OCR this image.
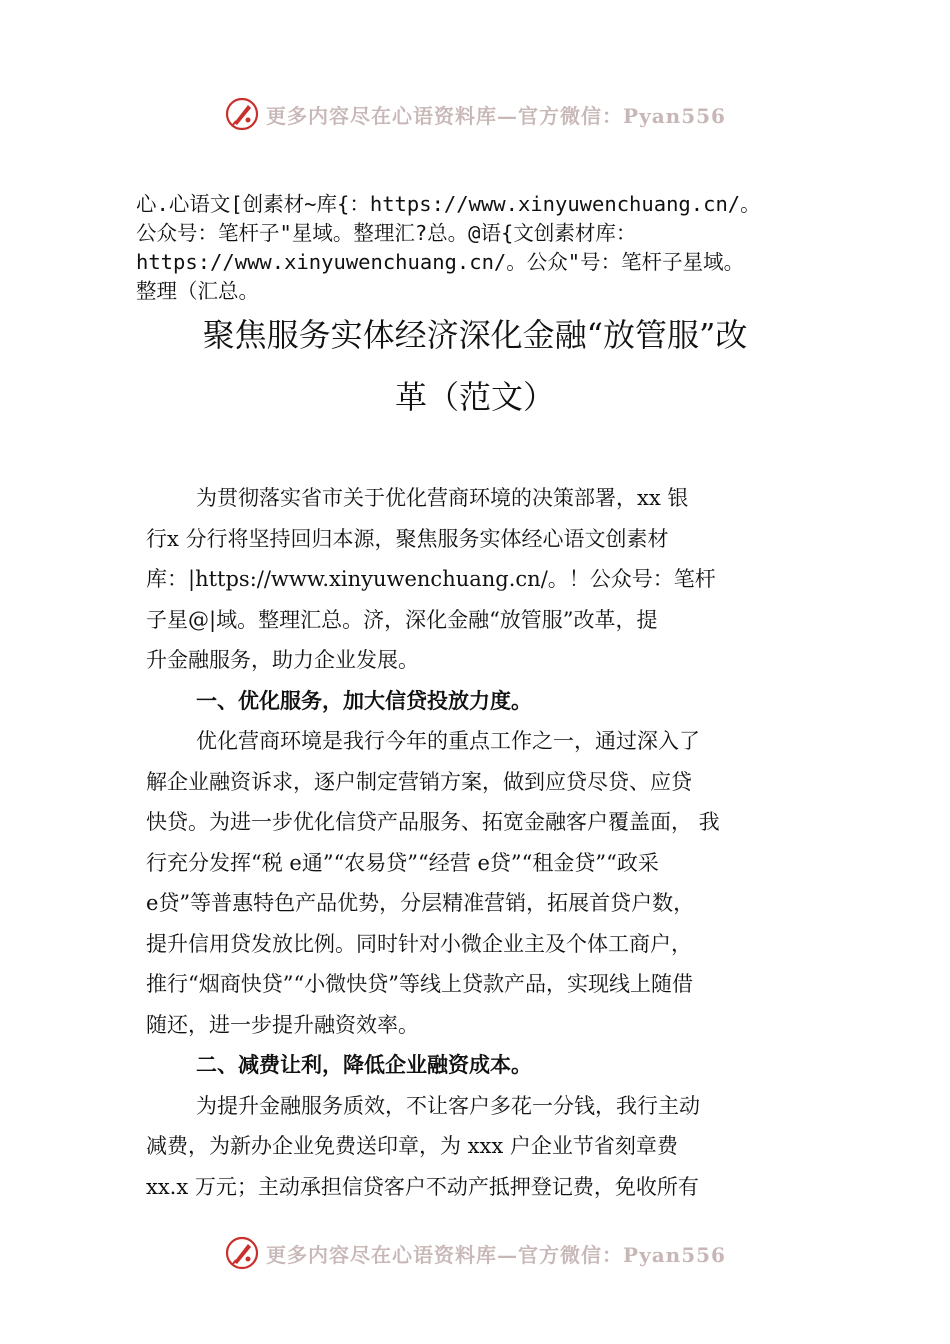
更多内容尽在心语资料库—官方微信：Pyan556
心.心语文[创素材~库{：https://www.xinyuwenchuang.cn/。
公众号：笔杆子"星域。整理汇?总。@语{文创素材库：
https://www.xinyuwenchuang.cn/。公众"号：笔杆子星域。
整理（汇总。
聚焦服务实体经济深化金融“放管服”改
革（范文）
为贯彻落实省市关于优化营商环境的决策部署，xx 银
行x 分行将坚持回归本源，聚焦服务实体经心语文创素材
库：|https://www.xinyuwenchuang.cn/。！公众号：笔杆
子星@|域。整理汇总。济，深化金融“放管服”改革，提
升金融服务，助力企业发展。
一、优化服务，加大信贷投放力度。
优化营商环境是我行今年的重点工作之一，通过深入了
解企业融资诉求，逐户制定营销方案，做到应贷尽贷、应贷
快贷。为进一步优化信贷产品服务、拓宽金融客户覆盖面， 我
行充分发挥“税 e通”“农易贷”“经营 e贷”“租金贷”“政采
e贷”等普惠特色产品优势，分层精准营销，拓展首贷户数，
提升信用贷发放比例。同时针对小微企业主及个体工商户，
推行“烟商快贷”“小微快贷”等线上贷款产品，实现线上随借
随还，进一步提升融资效率。
二、减费让利，降低企业融资成本。
为提升金融服务质效，不让客户多花一分钱，我行主动
减费，为新办企业免费送印章，为 xxx 户企业节省刻章费
xx.x 万元；主动承担信贷客户不动产抵押登记费，免收所有
更多内容尽在心语资料库—官方微信：Pyan556
